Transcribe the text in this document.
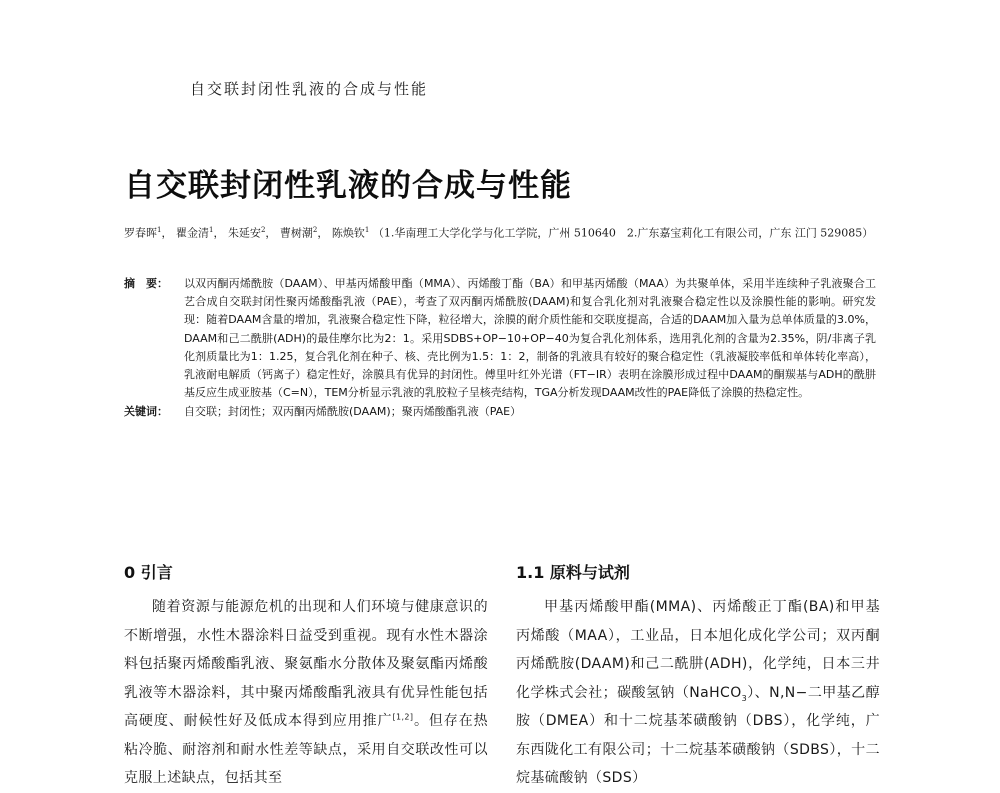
自交联封闭性乳液的合成与性能
自交联封闭性乳液的合成与性能
罗春晖$^1$， 瞿金清$^1$， 朱延安$^2$， 曹树潮$^2$， 陈焕钦$^1$ （1.华南理工大学化学与化工学院，广州 510640　2.广东嘉宝莉化工有限公司，广东 江门 529085）
摘　要：	以双丙酮丙烯酰胺（DAAM）、甲基丙烯酸甲酯（MMA）、丙烯酸丁酯（BA）和甲基丙烯酸（MAA）为共聚单体，采用半连续种子乳液聚合工艺合成自交联封闭性聚丙烯酸酯乳液（PAE），考查了双丙酮丙烯酰胺(DAAM)和复合乳化剂对乳液聚合稳定性以及涂膜性能的影响。研究发现：随着DAAM含量的增加，乳液聚合稳定性下降，粒径增大，涂膜的耐介质性能和交联度提高，合适的DAAM加入量为总单体质量的3.0%，DAAM和己二酰肼(ADH)的最佳摩尔比为2：1。采用SDBS+OP−10+OP−40为复合乳化剂体系，选用乳化剂的含量为2.35%，阴/非离子乳化剂质量比为1：1.25，复合乳化剂在种子、核、壳比例为1.5：1：2，制备的乳液具有较好的聚合稳定性（乳液凝胶率低和单体转化率高），乳液耐电解质（钙离子）稳定性好，涂膜具有优异的封闭性。傅里叶红外光谱（FT−IR）表明在涂膜形成过程中DAAM的酮羰基与ADH的酰肼基反应生成亚胺基（C=N），TEM分析显示乳液的乳胶粒子呈核壳结构，TGA分析发现DAAM改性的PAE降低了涂膜的热稳定性。
关键词：	自交联；封闭性；双丙酮丙烯酰胺(DAAM)；聚丙烯酸酯乳液（PAE）
0 引言

随着资源与能源危机的出现和人们环境与健康意识的不断增强，水性木器涂料日益受到重视。现有水性木器涂料包括聚丙烯酸酯乳液、聚氨酯水分散体及聚氨酯丙烯酸乳液等木器涂料，其中聚丙烯酸酯乳液具有优异性能包括高硬度、耐候性好及低成本得到应用推广[1,2]。但存在热粘冷脆、耐溶剂和耐水性差等缺点，采用自交联改性可以克服上述缺点，包括其至

1.1 原料与试剂

甲基丙烯酸甲酯(MMA)、丙烯酸正丁酯(BA)和甲基丙烯酸（MAA），工业品，日本旭化成化学公司；双丙酮丙烯酰胺(DAAM)和己二酰肼(ADH)，化学纯，日本三井化学株式会社；碳酸氢钠（NaHCO$_3$）、N,N−二甲基乙醇胺（DMEA）和十二烷基苯磺酸钠（DBS），化学纯，广东西陇化工有限公司；十二烷基苯磺酸钠（SDBS），十二烷基硫酸钠（SDS）
